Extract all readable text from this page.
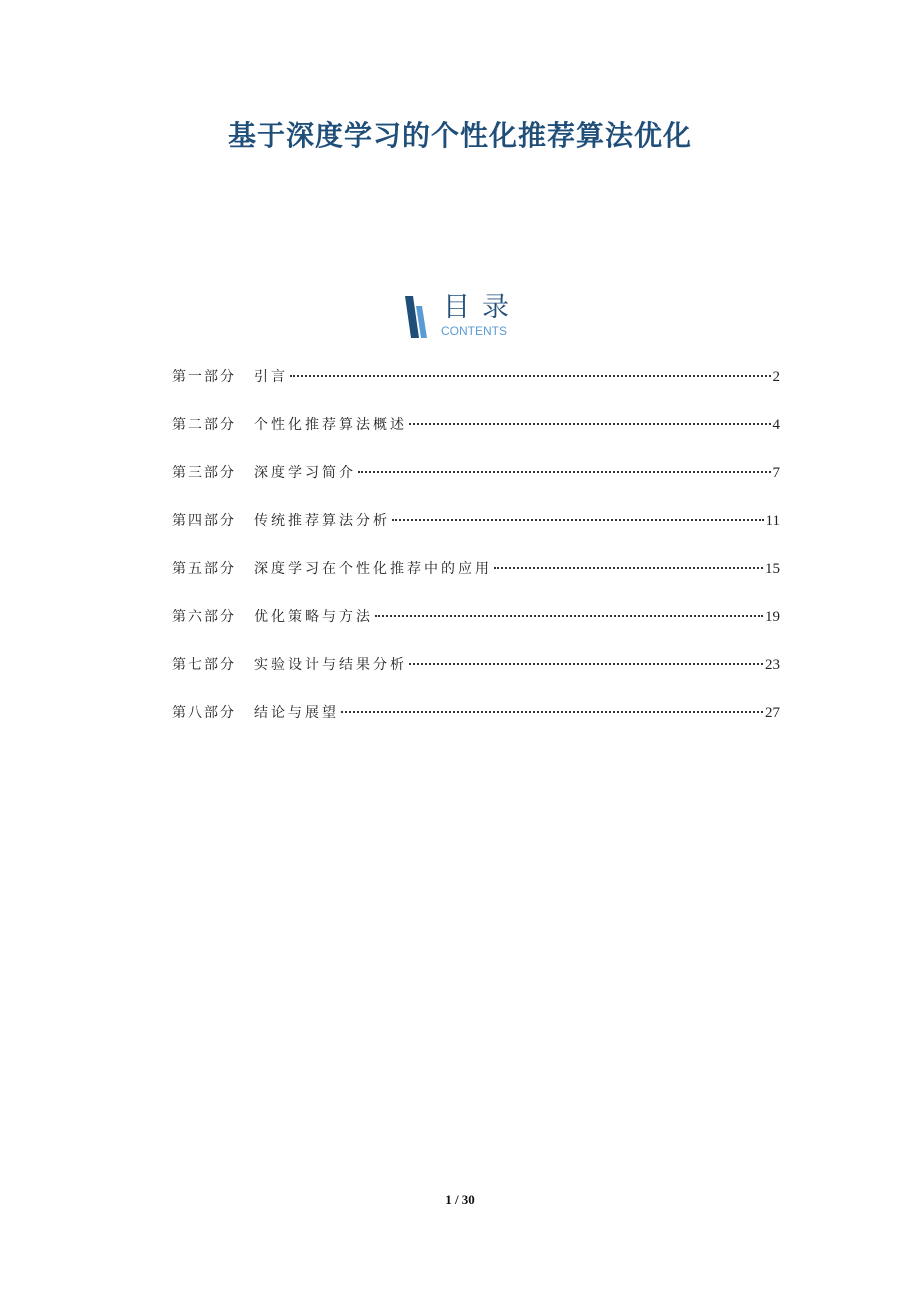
基于深度学习的个性化推荐算法优化
目录
CONTENTS
第一部分	引言	2
第二部分	个性化推荐算法概述	4
第三部分	深度学习简介	7
第四部分	传统推荐算法分析	11
第五部分	深度学习在个性化推荐中的应用	15
第六部分	优化策略与方法	19
第七部分	实验设计与结果分析	23
第八部分	结论与展望	27
1 / 30
